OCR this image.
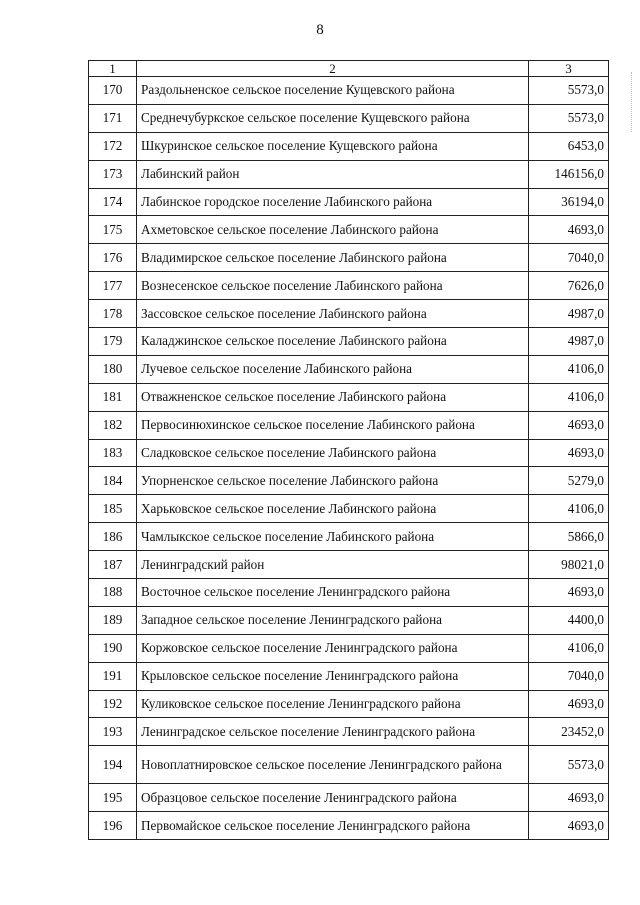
8
1	2	3
170	Раздольненское сельское поселение Кущевского района	5573,0
171	Среднечубуркское сельское поселение Кущевского района	5573,0
172	Шкуринское сельское поселение Кущевского района	6453,0
173	Лабинский район	146156,0
174	Лабинское городское поселение Лабинского района	36194,0
175	Ахметовское сельское поселение Лабинского района	4693,0
176	Владимирское сельское поселение Лабинского района	7040,0
177	Вознесенское сельское поселение Лабинского района	7626,0
178	Зассовское сельское поселение Лабинского района	4987,0
179	Каладжинское сельское поселение Лабинского района	4987,0
180	Лучевое сельское поселение Лабинского района	4106,0
181	Отважненское сельское поселение Лабинского района	4106,0
182	Первосинюхинское сельское поселение Лабинского района	4693,0
183	Сладковское сельское поселение Лабинского района	4693,0
184	Упорненское сельское поселение Лабинского района	5279,0
185	Харьковское сельское поселение Лабинского района	4106,0
186	Чамлыкское сельское поселение Лабинского района	5866,0
187	Ленинградский район	98021,0
188	Восточное сельское поселение Ленинградского района	4693,0
189	Западное сельское поселение Ленинградского района	4400,0
190	Коржовское сельское поселение Ленинградского района	4106,0
191	Крыловское сельское поселение Ленинградского района	7040,0
192	Куликовское сельское поселение Ленинградского района	4693,0
193	Ленинградское сельское поселение Ленинградского района	23452,0
194	Новоплатнировское сельское поселение Ленинградского района	5573,0
195	Образцовое сельское поселение Ленинградского района	4693,0
196	Первомайское сельское поселение Ленинградского района	4693,0
